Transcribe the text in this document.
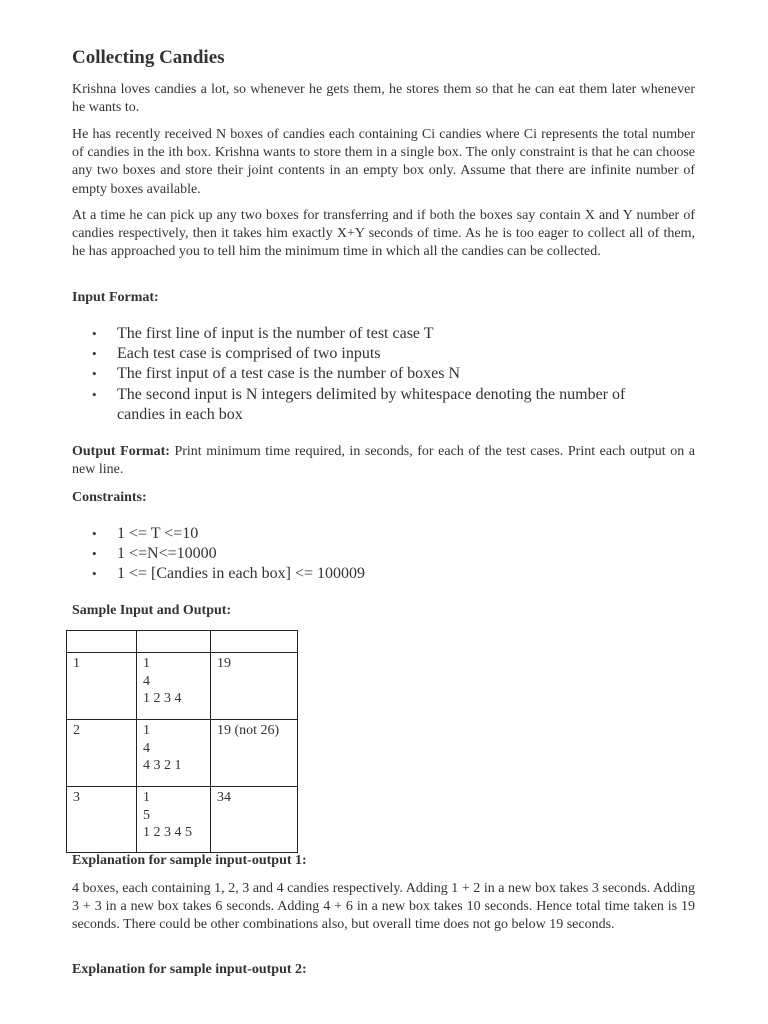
Collecting Candies

Krishna loves candies a lot, so whenever he gets them, he stores them so that he can eat them later whenever he wants to.

He has recently received N boxes of candies each containing Ci candies where Ci represents the total number of candies in the ith box. Krishna wants to store them in a single box. The only constraint is that he can choose any two boxes and store their joint contents in an empty box only. Assume that there are infinite number of empty boxes available.

At a time he can pick up any two boxes for transferring and if both the boxes say contain X and Y number of candies respectively, then it takes him exactly X+Y seconds of time. As he is too eager to collect all of them, he has approached you to tell him the minimum time in which all the candies can be collected.

Input Format:
• The first line of input is the number of test case T
• Each test case is comprised of two inputs
• The first input of a test case is the number of boxes N
• The second input is N integers delimited by whitespace denoting the number of candies in each box

Output Format: Print minimum time required, in seconds, for each of the test cases. Print each output on a new line.

Constraints:
• 1 <= T <=10
• 1 <=N<=10000
• 1 <= [Candies in each box] <= 100009
Sample Input and Output:

1	1
4
1 2 3 4	19
2	1
4
4 3 2 1	19 (not 26)
3	1
5
1 2 3 4 5	34
Explanation for sample input-output 1:

4 boxes, each containing 1, 2, 3 and 4 candies respectively. Adding 1 + 2 in a new box takes 3 seconds. Adding 3 + 3 in a new box takes 6 seconds. Adding 4 + 6 in a new box takes 10 seconds. Hence total time taken is 19 seconds. There could be other combinations also, but overall time does not go below 19 seconds.

Explanation for sample input-output 2:
